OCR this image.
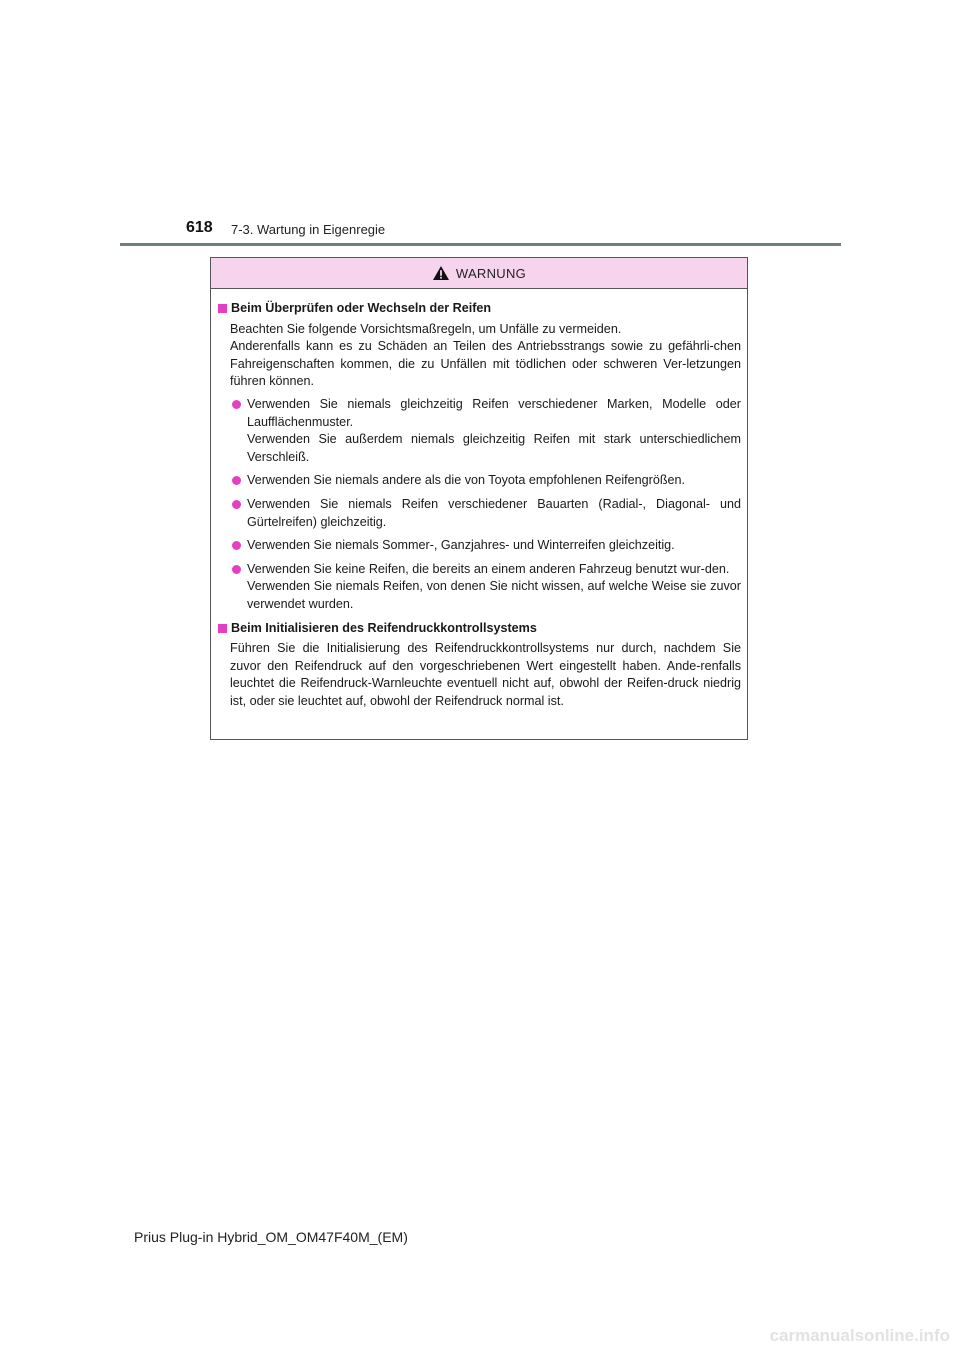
618 7-3. Wartung in Eigenregie
WARNUNG
Beim Überprüfen oder Wechseln der Reifen

Beachten Sie folgende Vorsichtsmaßregeln, um Unfälle zu vermeiden.

Anderenfalls kann es zu Schäden an Teilen des Antriebsstrangs sowie zu gefährli-chen Fahreigenschaften kommen, die zu Unfällen mit tödlichen oder schweren Ver-letzungen führen können.

Verwenden Sie niemals gleichzeitig Reifen verschiedener Marken, Modelle oder Laufflächenmuster.

Verwenden Sie außerdem niemals gleichzeitig Reifen mit stark unterschiedlichem Verschleiß.

Verwenden Sie niemals andere als die von Toyota empfohlenen Reifengrößen.

Verwenden Sie niemals Reifen verschiedener Bauarten (Radial-, Diagonal- und Gürtelreifen) gleichzeitig.

Verwenden Sie niemals Sommer-, Ganzjahres- und Winterreifen gleichzeitig.

Verwenden Sie keine Reifen, die bereits an einem anderen Fahrzeug benutzt wur-den.

Verwenden Sie niemals Reifen, von denen Sie nicht wissen, auf welche Weise sie zuvor verwendet wurden.

Beim Initialisieren des Reifendruckkontrollsystems

Führen Sie die Initialisierung des Reifendruckkontrollsystems nur durch, nachdem Sie zuvor den Reifendruck auf den vorgeschriebenen Wert eingestellt haben. Ande-renfalls leuchtet die Reifendruck-Warnleuchte eventuell nicht auf, obwohl der Reifen-druck niedrig ist, oder sie leuchtet auf, obwohl der Reifendruck normal ist.

Prius Plug-in Hybrid_OM_OM47F40M_(EM)
carmanualsonline.info
